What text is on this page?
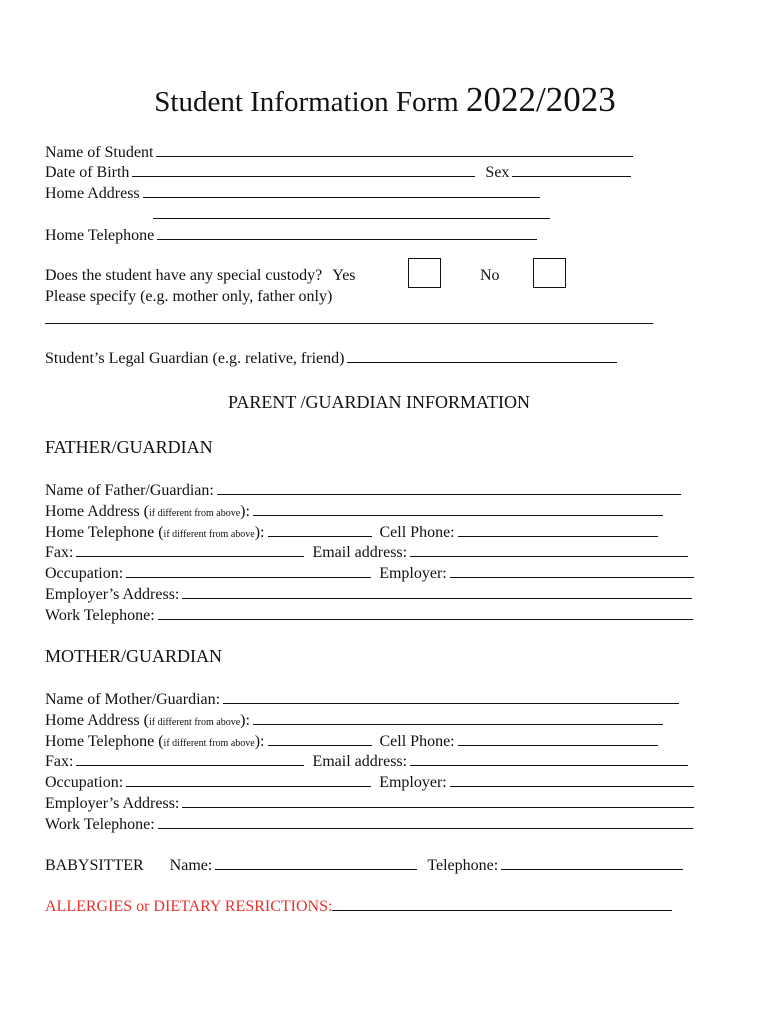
Student Information Form 2022/2023
Name of Student
Date of Birth	Sex
Home Address
Home Telephone
Does the student have any special custody? Yes	No
Please specify (e.g. mother only, father only)
Student’s Legal Guardian (e.g. relative, friend)
PARENT /GUARDIAN INFORMATION
FATHER/GUARDIAN
Name of Father/Guardian:
Home Address (if different from above):
Home Telephone (if different from above):	Cell Phone:
Fax:	Email address:
Occupation:	Employer:
Employer’s Address:
Work Telephone:
MOTHER/GUARDIAN
Name of Mother/Guardian:
Home Address (if different from above):
Home Telephone (if different from above):	Cell Phone:
Fax:	Email address:
Occupation:	Employer:
Employer’s Address:
Work Telephone:
BABYSITTER Name:	Telephone:
ALLERGIES or DIETARY RESRICTIONS:
